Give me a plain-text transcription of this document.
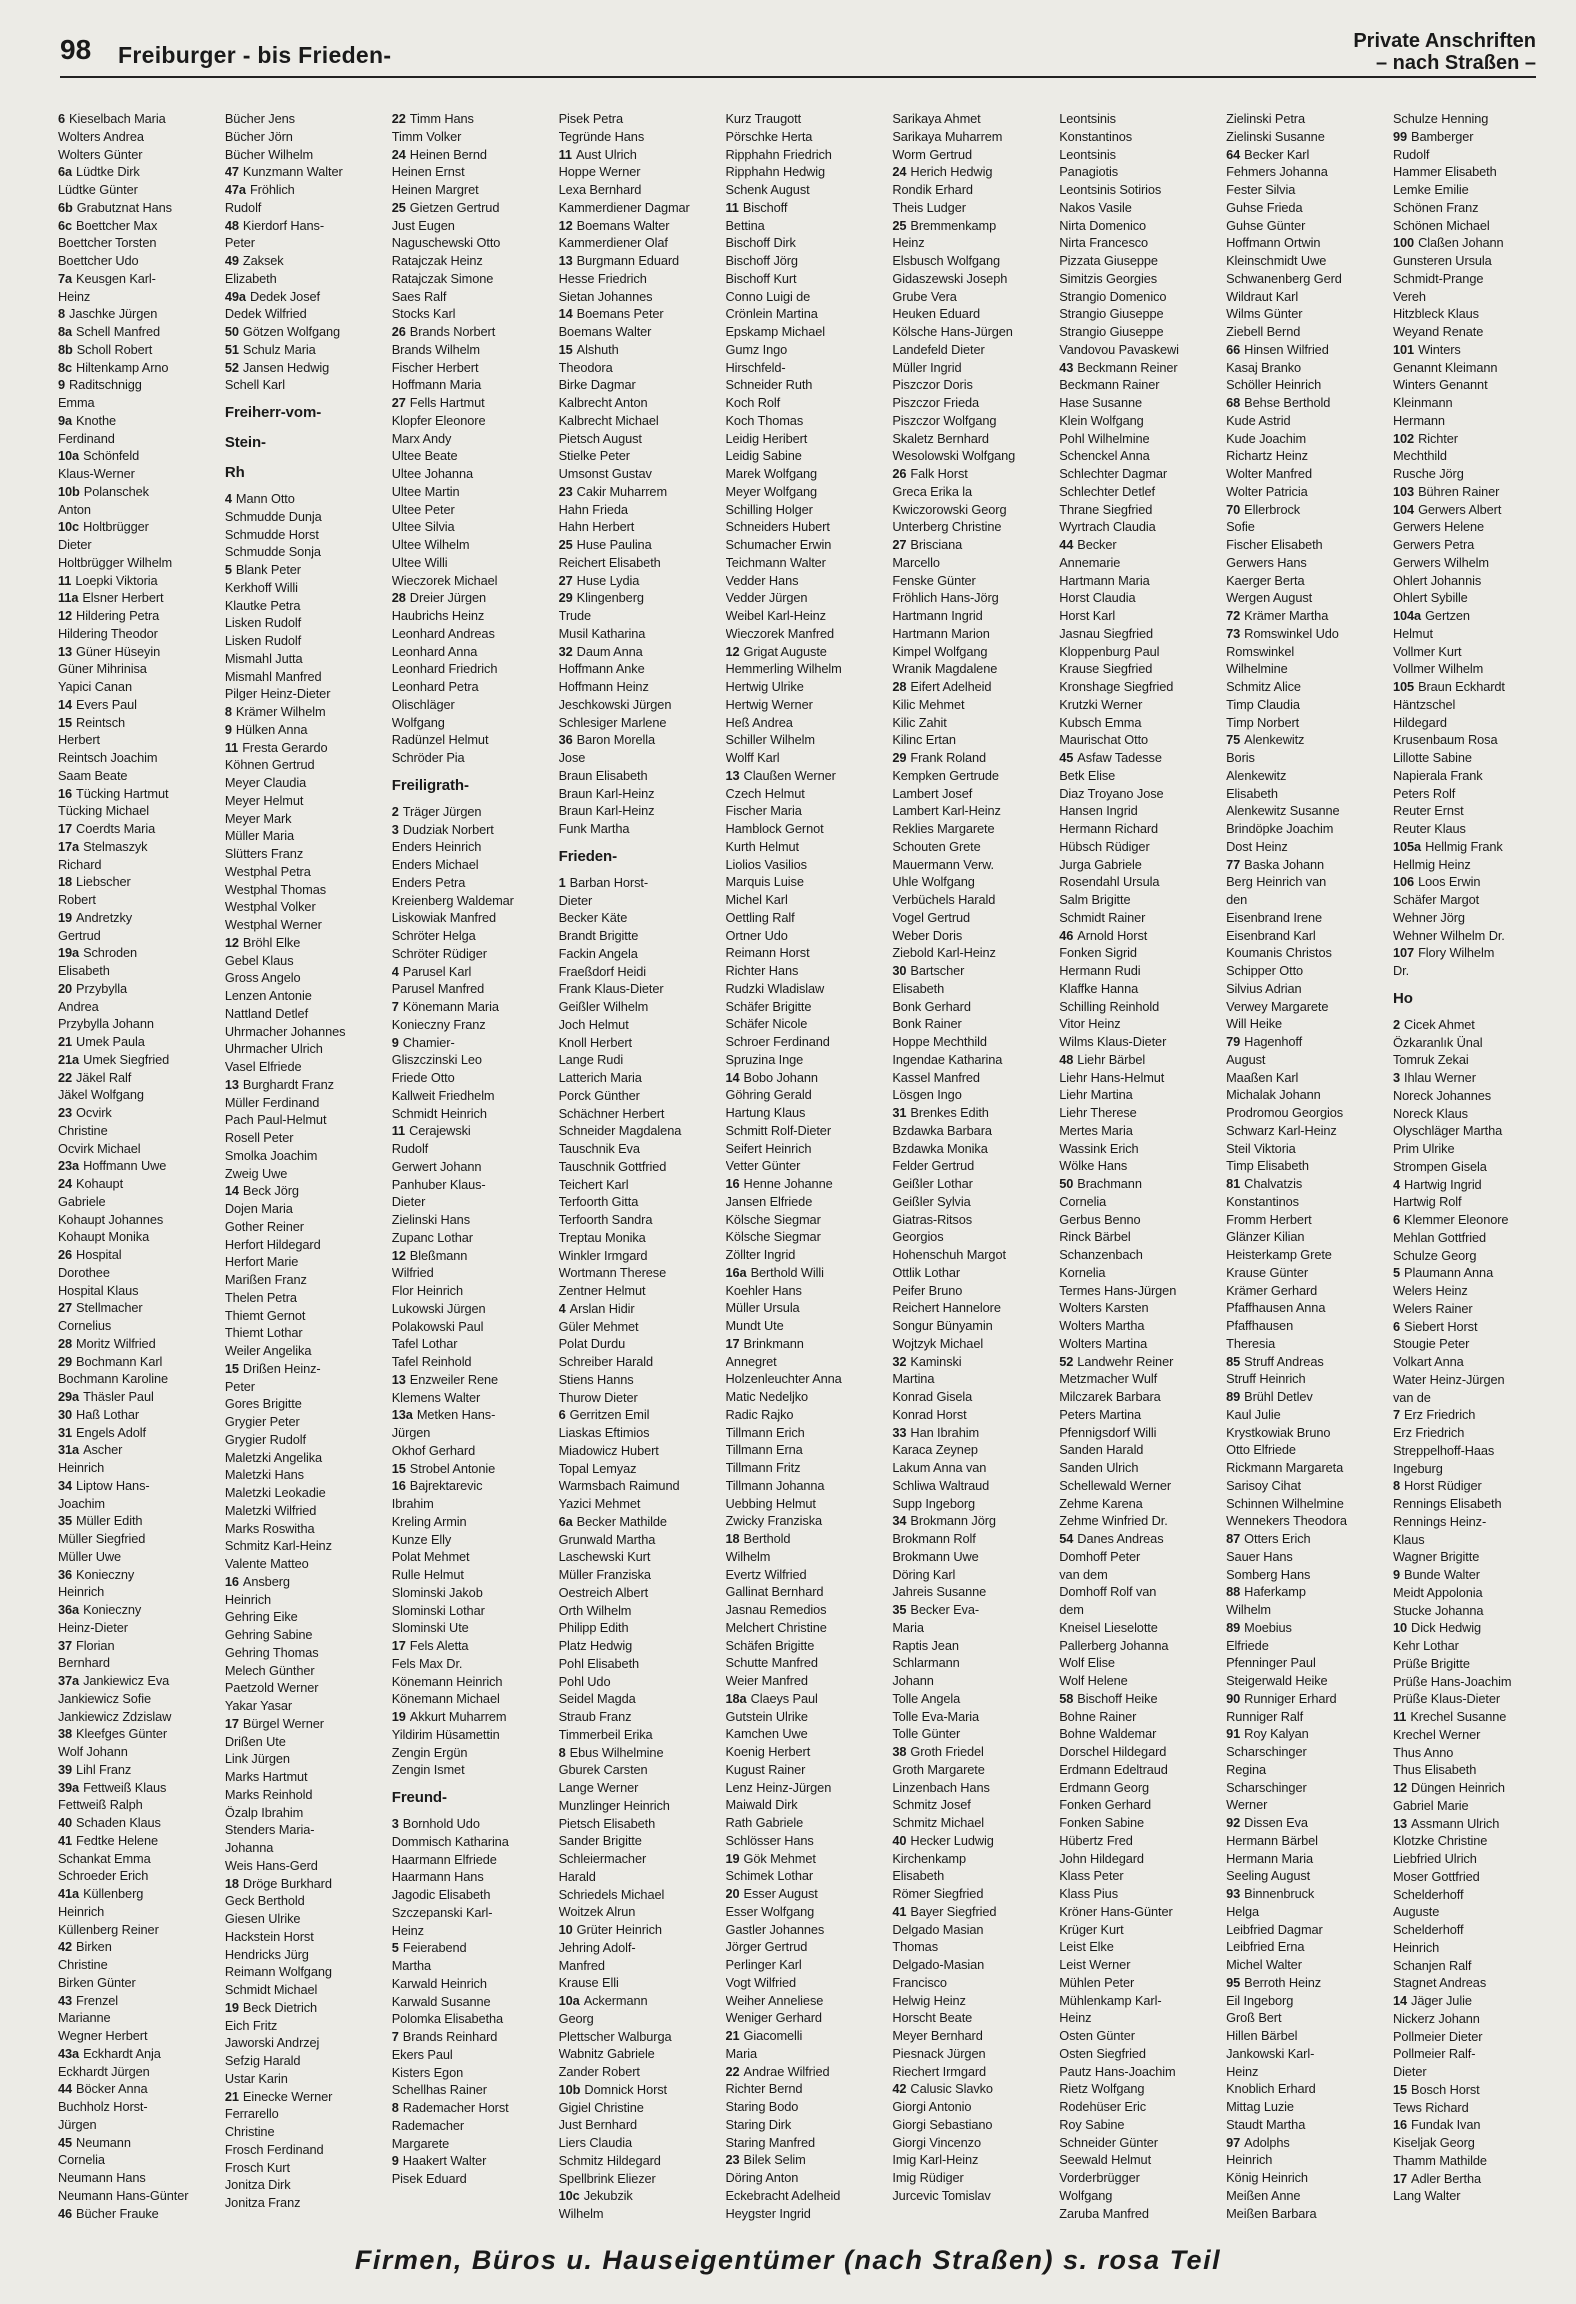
98 Freiburger - bis Frieden-
Private Anschriften
– nach Straßen –
6 Kieselbach Maria
Wolters Andrea
Wolters Günter
6a Lüdtke Dirk
Lüdtke Günter
6b Grabutznat Hans
6c Boettcher Max
Boettcher Torsten
Boettcher Udo
7a Keusgen Karl-
Heinz
8 Jaschke Jürgen
8a Schell Manfred
8b Scholl Robert
8c Hiltenkamp Arno
9 Raditschnigg
Emma
9a Knothe
Ferdinand
10a Schönfeld
Klaus-Werner
10b Polanschek
Anton
10c Holtbrügger
Dieter
Holtbrügger Wilhelm
11 Loepki Viktoria
11a Elsner Herbert
12 Hildering Petra
Hildering Theodor
13 Güner Hüseyin
Güner Mihrinisa
Yapici Canan
14 Evers Paul
15 Reintsch
Herbert
Reintsch Joachim
Saam Beate
16 Tücking Hartmut
Tücking Michael
17 Coerdts Maria
17a Stelmaszyk
Richard
18 Liebscher
Robert
19 Andretzky
Gertrud
19a Schroden
Elisabeth
20 Przybylla
Andrea
Przybylla Johann
21 Umek Paula
21a Umek Siegfried
22 Jäkel Ralf
Jäkel Wolfgang
23 Ocvirk
Christine
Ocvirk Michael
23a Hoffmann Uwe
24 Kohaupt
Gabriele
Kohaupt Johannes
Kohaupt Monika
26 Hospital
Dorothee
Hospital Klaus
27 Stellmacher
Cornelius
28 Moritz Wilfried
29 Bochmann Karl
Bochmann Karoline
29a Thäsler Paul
30 Haß Lothar
31 Engels Adolf
31a Ascher
Heinrich
34 Liptow Hans-
Joachim
35 Müller Edith
Müller Siegfried
Müller Uwe
36 Konieczny
Heinrich
36a Konieczny
Heinz-Dieter
37 Florian
Bernhard
37a Jankiewicz Eva
Jankiewicz Sofie
Jankiewicz Zdzislaw
38 Kleefges Günter
Wolf Johann
39 Lihl Franz
39a Fettweiß Klaus
Fettweiß Ralph
40 Schaden Klaus
41 Fedtke Helene
Schankat Emma
Schroeder Erich
41a Küllenberg
Heinrich
Küllenberg Reiner
42 Birken
Christine
Birken Günter
43 Frenzel
Marianne
Wegner Herbert
43a Eckhardt Anja
Eckhardt Jürgen
44 Böcker Anna
Buchholz Horst-
Jürgen
45 Neumann
Cornelia
Neumann Hans
Neumann Hans-Günter
46 Bücher Frauke
Bücher Jens
Bücher Jörn
Bücher Wilhelm
47 Kunzmann Walter
47a Fröhlich
Rudolf
48 Kierdorf Hans-
Peter
49 Zaksek
Elizabeth
49a Dedek Josef
Dedek Wilfried
50 Götzen Wolfgang
51 Schulz Maria
52 Jansen Hedwig
Schell Karl
Freiherr-vom-
Stein-
Rh
4 Mann Otto
Schmudde Dunja
Schmudde Horst
Schmudde Sonja
5 Blank Peter
Kerkhoff Willi
Klautke Petra
Lisken Rudolf
Lisken Rudolf
Mismahl Jutta
Mismahl Manfred
Pilger Heinz-Dieter
8 Krämer Wilhelm
9 Hülken Anna
11 Fresta Gerardo
Köhnen Gertrud
Meyer Claudia
Meyer Helmut
Meyer Mark
Müller Maria
Slütters Franz
Westphal Petra
Westphal Thomas
Westphal Volker
Westphal Werner
12 Bröhl Elke
Gebel Klaus
Gross Angelo
Lenzen Antonie
Nattland Detlef
Uhrmacher Johannes
Uhrmacher Ulrich
Vasel Elfriede
13 Burghardt Franz
Müller Ferdinand
Pach Paul-Helmut
Rosell Peter
Smolka Joachim
Zweig Uwe
14 Beck Jörg
Dojen Maria
Gother Reiner
Herfort Hildegard
Herfort Marie
Marißen Franz
Thelen Petra
Thiemt Gernot
Thiemt Lothar
Weiler Angelika
15 Drißen Heinz-
Peter
Gores Brigitte
Grygier Peter
Grygier Rudolf
Maletzki Angelika
Maletzki Hans
Maletzki Leokadie
Maletzki Wilfried
Marks Roswitha
Schmitz Karl-Heinz
Valente Matteo
16 Ansberg
Heinrich
Gehring Eike
Gehring Sabine
Gehring Thomas
Melech Günther
Paetzold Werner
Yakar Yasar
17 Bürgel Werner
Drißen Ute
Link Jürgen
Marks Hartmut
Marks Reinhold
Özalp Ibrahim
Stenders Maria-
Johanna
Weis Hans-Gerd
18 Dröge Burkhard
Geck Berthold
Giesen Ulrike
Hackstein Horst
Hendricks Jürg
Reimann Wolfgang
Schmidt Michael
19 Beck Dietrich
Eich Fritz
Jaworski Andrzej
Sefzig Harald
Ustar Karin
21 Einecke Werner
Ferrarello
Christine
Frosch Ferdinand
Frosch Kurt
Jonitza Dirk
Jonitza Franz
22 Timm Hans
Timm Volker
24 Heinen Bernd
Heinen Ernst
Heinen Margret
25 Gietzen Gertrud
Just Eugen
Naguschewski Otto
Ratajczak Heinz
Ratajczak Simone
Saes Ralf
Stocks Karl
26 Brands Norbert
Brands Wilhelm
Fischer Herbert
Hoffmann Maria
27 Fells Hartmut
Klopfer Eleonore
Marx Andy
Ultee Beate
Ultee Johanna
Ultee Martin
Ultee Peter
Ultee Silvia
Ultee Wilhelm
Ultee Willi
Wieczorek Michael
28 Dreier Jürgen
Haubrichs Heinz
Leonhard Andreas
Leonhard Anna
Leonhard Friedrich
Leonhard Petra
Olischläger
Wolfgang
Radünzel Helmut
Schröder Pia
Freiligrath-
2 Träger Jürgen
3 Dudziak Norbert
Enders Heinrich
Enders Michael
Enders Petra
Kreienberg Waldemar
Liskowiak Manfred
Schröter Helga
Schröter Rüdiger
4 Parusel Karl
Parusel Manfred
7 Könemann Maria
Konieczny Franz
9 Chamier-
Gliszczinski Leo
Friede Otto
Kallweit Friedhelm
Schmidt Heinrich
11 Cerajewski
Rudolf
Gerwert Johann
Panhuber Klaus-
Dieter
Zielinski Hans
Zupanc Lothar
12 Bleßmann
Wilfried
Flor Heinrich
Lukowski Jürgen
Polakowski Paul
Tafel Lothar
Tafel Reinhold
13 Enzweiler Rene
Klemens Walter
13a Metken Hans-
Jürgen
Okhof Gerhard
15 Strobel Antonie
16 Bajrektarevic
Ibrahim
Kreling Armin
Kunze Elly
Polat Mehmet
Rulle Helmut
Slominski Jakob
Slominski Lothar
Slominski Ute
17 Fels Aletta
Fels Max Dr.
Könemann Heinrich
Könemann Michael
19 Akkurt Muharrem
Yildirim Hüsamettin
Zengin Ergün
Zengin Ismet
Freund-
3 Bornhold Udo
Dommisch Katharina
Haarmann Elfriede
Haarmann Hans
Jagodic Elisabeth
Szczepanski Karl-
Heinz
5 Feierabend
Martha
Karwald Heinrich
Karwald Susanne
Polomka Elisabetha
7 Brands Reinhard
Ekers Paul
Kisters Egon
Schellhas Rainer
8 Rademacher Horst
Rademacher
Margarete
9 Haakert Walter
Pisek Eduard
Pisek Petra
Tegründe Hans
11 Aust Ulrich
Hoppe Werner
Lexa Bernhard
Kammerdiener Dagmar
12 Boemans Walter
Kammerdiener Olaf
13 Burgmann Eduard
Hesse Friedrich
Sietan Johannes
14 Boemans Peter
Boemans Walter
15 Alshuth
Theodora
Birke Dagmar
Kalbrecht Anton
Kalbrecht Michael
Pietsch August
Stielke Peter
Umsonst Gustav
23 Cakir Muharrem
Hahn Frieda
Hahn Herbert
25 Huse Paulina
Reichert Elisabeth
27 Huse Lydia
29 Klingenberg
Trude
Musil Katharina
32 Daum Anna
Hoffmann Anke
Hoffmann Heinz
Jeschkowski Jürgen
Schlesiger Marlene
36 Baron Morella
Jose
Braun Elisabeth
Braun Karl-Heinz
Braun Karl-Heinz
Funk Martha
Frieden-
1 Barban Horst-
Dieter
Becker Käte
Brandt Brigitte
Fackin Angela
Fraeßdorf Heidi
Frank Klaus-Dieter
Geißler Wilhelm
Joch Helmut
Knoll Herbert
Lange Rudi
Latterich Maria
Porck Günther
Schächner Herbert
Schneider Magdalena
Tauschnik Eva
Tauschnik Gottfried
Teichert Karl
Terfoorth Gitta
Terfoorth Sandra
Treptau Monika
Winkler Irmgard
Wortmann Therese
Zentner Helmut
4 Arslan Hidir
Güler Mehmet
Polat Durdu
Schreiber Harald
Stiens Hanns
Thurow Dieter
6 Gerritzen Emil
Liaskas Eftimios
Miadowicz Hubert
Topal Lemyaz
Warmsbach Raimund
Yazici Mehmet
6a Becker Mathilde
Grunwald Martha
Laschewski Kurt
Müller Franziska
Oestreich Albert
Orth Wilhelm
Philipp Edith
Platz Hedwig
Pohl Elisabeth
Pohl Udo
Seidel Magda
Straub Franz
Timmerbeil Erika
8 Ebus Wilhelmine
Gburek Carsten
Lange Werner
Munzlinger Heinrich
Pietsch Elisabeth
Sander Brigitte
Schleiermacher
Harald
Schriedels Michael
Woitzek Alrun
10 Grüter Heinrich
Jehring Adolf-
Manfred
Krause Elli
10a Ackermann
Georg
Plettscher Walburga
Wabnitz Gabriele
Zander Robert
10b Domnick Horst
Gigiel Christine
Just Bernhard
Liers Claudia
Schmitz Hildegard
Spellbrink Eliezer
10c Jekubzik
Wilhelm
Kurz Traugott
Pörschke Herta
Ripphahn Friedrich
Ripphahn Hedwig
Schenk August
11 Bischoff
Bettina
Bischoff Dirk
Bischoff Jörg
Bischoff Kurt
Conno Luigi de
Crönlein Martina
Epskamp Michael
Gumz Ingo
Hirschfeld-
Schneider Ruth
Koch Rolf
Koch Thomas
Leidig Heribert
Leidig Sabine
Marek Wolfgang
Meyer Wolfgang
Schilling Holger
Schneiders Hubert
Schumacher Erwin
Teichmann Walter
Vedder Hans
Vedder Jürgen
Weibel Karl-Heinz
Wieczorek Manfred
12 Grigat Auguste
Hemmerling Wilhelm
Hertwig Ulrike
Hertwig Werner
Heß Andrea
Schiller Wilhelm
Wolff Karl
13 Claußen Werner
Czech Helmut
Fischer Maria
Hamblock Gernot
Kurth Helmut
Liolios Vasilios
Marquis Luise
Michel Karl
Oettling Ralf
Ortner Udo
Reimann Horst
Richter Hans
Rudzki Wladislaw
Schäfer Brigitte
Schäfer Nicole
Schroer Ferdinand
Spruzina Inge
14 Bobo Johann
Göhring Gerald
Hartung Klaus
Schmitt Rolf-Dieter
Seifert Heinrich
Vetter Günter
16 Henne Johanne
Jansen Elfriede
Kölsche Siegmar
Kölsche Siegmar
Zöllter Ingrid
16a Berthold Willi
Koehler Hans
Müller Ursula
Mundt Ute
17 Brinkmann
Annegret
Holzenleuchter Anna
Matic Nedeljko
Radic Rajko
Tillmann Erich
Tillmann Erna
Tillmann Fritz
Tillmann Johanna
Uebbing Helmut
Zwicky Franziska
18 Berthold
Wilhelm
Evertz Wilfried
Gallinat Bernhard
Jasnau Remedios
Melchert Christine
Schäfen Brigitte
Schutte Manfred
Weier Manfred
18a Claeys Paul
Gutstein Ulrike
Kamchen Uwe
Koenig Herbert
Kugust Rainer
Lenz Heinz-Jürgen
Maiwald Dirk
Rath Gabriele
Schlösser Hans
19 Gök Mehmet
Schimek Lothar
20 Esser August
Esser Wolfgang
Gastler Johannes
Jörger Gertrud
Perlinger Karl
Vogt Wilfried
Weiher Anneliese
Weniger Gerhard
21 Giacomelli
Maria
22 Andrae Wilfried
Richter Bernd
Staring Bodo
Staring Dirk
Staring Manfred
23 Bilek Selim
Döring Anton
Eckebracht Adelheid
Heygster Ingrid
Sarikaya Ahmet
Sarikaya Muharrem
Worm Gertrud
24 Herich Hedwig
Rondik Erhard
Theis Ludger
25 Bremmenkamp
Heinz
Elsbusch Wolfgang
Gidaszewski Joseph
Grube Vera
Heuken Eduard
Kölsche Hans-Jürgen
Landefeld Dieter
Müller Ingrid
Piszczor Doris
Piszczor Frieda
Piszczor Wolfgang
Skaletz Bernhard
Wesolowski Wolfgang
26 Falk Horst
Greca Erika la
Kwiczorowski Georg
Unterberg Christine
27 Brisciana
Marcello
Fenske Günter
Fröhlich Hans-Jörg
Hartmann Ingrid
Hartmann Marion
Kimpel Wolfgang
Wranik Magdalene
28 Eifert Adelheid
Kilic Mehmet
Kilic Zahit
Kilinc Ertan
29 Frank Roland
Kempken Gertrude
Lambert Josef
Lambert Karl-Heinz
Reklies Margarete
Schouten Grete
Mauermann Verw.
Uhle Wolfgang
Verbüchels Harald
Vogel Gertrud
Weber Doris
Ziebold Karl-Heinz
30 Bartscher
Elisabeth
Bonk Gerhard
Bonk Rainer
Hoppe Mechthild
Ingendae Katharina
Kassel Manfred
Lösgen Ingo
31 Brenkes Edith
Bzdawka Barbara
Bzdawka Monika
Felder Gertrud
Geißler Lothar
Geißler Sylvia
Giatras-Ritsos
Georgios
Hohenschuh Margot
Ottlik Lothar
Peifer Bruno
Reichert Hannelore
Songur Bünyamin
Wojtzyk Michael
32 Kaminski
Martina
Konrad Gisela
Konrad Horst
33 Han Ibrahim
Karaca Zeynep
Lakum Anna van
Schliwa Waltraud
Supp Ingeborg
34 Brokmann Jörg
Brokmann Rolf
Brokmann Uwe
Döring Karl
Jahreis Susanne
35 Becker Eva-
Maria
Raptis Jean
Schlarmann
Johann
Tolle Angela
Tolle Eva-Maria
Tolle Günter
38 Groth Friedel
Groth Margarete
Linzenbach Hans
Schmitz Josef
Schmitz Michael
40 Hecker Ludwig
Kirchenkamp
Elisabeth
Römer Siegfried
41 Bayer Siegfried
Delgado Masian
Thomas
Delgado-Masian
Francisco
Helwig Heinz
Horscht Beate
Meyer Bernhard
Piesnack Jürgen
Riechert Irmgard
42 Calusic Slavko
Giorgi Antonio
Giorgi Sebastiano
Giorgi Vincenzo
Imig Karl-Heinz
Imig Rüdiger
Jurcevic Tomislav
Leontsinis
Konstantinos
Leontsinis
Panagiotis
Leontsinis Sotirios
Nakos Vasile
Nirta Domenico
Nirta Francesco
Pizzata Giuseppe
Simitzis Georgies
Strangio Domenico
Strangio Giuseppe
Strangio Giuseppe
Vandovou Pavaskewi
43 Beckmann Reiner
Beckmann Rainer
Hase Susanne
Klein Wolfgang
Pohl Wilhelmine
Schenckel Anna
Schlechter Dagmar
Schlechter Detlef
Thrane Siegfried
Wyrtrach Claudia
44 Becker
Annemarie
Hartmann Maria
Horst Claudia
Horst Karl
Jasnau Siegfried
Kloppenburg Paul
Krause Siegfried
Kronshage Siegfried
Krutzki Werner
Kubsch Emma
Maurischat Otto
45 Asfaw Tadesse
Betk Elise
Diaz Troyano Jose
Hansen Ingrid
Hermann Richard
Hübsch Rüdiger
Jurga Gabriele
Rosendahl Ursula
Salm Brigitte
Schmidt Rainer
46 Arnold Horst
Fonken Sigrid
Hermann Rudi
Klaffke Hanna
Schilling Reinhold
Vitor Heinz
Wilms Klaus-Dieter
48 Liehr Bärbel
Liehr Hans-Helmut
Liehr Martina
Liehr Therese
Mertes Maria
Wassink Erich
Wölke Hans
50 Brachmann
Cornelia
Gerbus Benno
Rinck Bärbel
Schanzenbach
Kornelia
Termes Hans-Jürgen
Wolters Karsten
Wolters Martha
Wolters Martina
52 Landwehr Reiner
Metzmacher Wulf
Milczarek Barbara
Peters Martina
Pfennigsdorf Willi
Sanden Harald
Sanden Ulrich
Schellewald Werner
Zehme Karena
Zehme Winfried Dr.
54 Danes Andreas
Domhoff Peter
van dem
Domhoff Rolf van
dem
Kneisel Lieselotte
Pallerberg Johanna
Wolf Elise
Wolf Helene
58 Bischoff Heike
Bohne Rainer
Bohne Waldemar
Dorschel Hildegard
Erdmann Edeltraud
Erdmann Georg
Fonken Gerhard
Fonken Sabine
Hübertz Fred
John Hildegard
Klass Peter
Klass Pius
Kröner Hans-Günter
Krüger Kurt
Leist Elke
Leist Werner
Mühlen Peter
Mühlenkamp Karl-
Heinz
Osten Günter
Osten Siegfried
Pautz Hans-Joachim
Rietz Wolfgang
Rodehüser Eric
Roy Sabine
Schneider Günter
Seewald Helmut
Vorderbrügger
Wolfgang
Zaruba Manfred
Zielinski Petra
Zielinski Susanne
64 Becker Karl
Fehmers Johanna
Fester Silvia
Guhse Frieda
Guhse Günter
Hoffmann Ortwin
Kleinschmidt Uwe
Schwanenberg Gerd
Wildraut Karl
Wilms Günter
Ziebell Bernd
66 Hinsen Wilfried
Kasaj Branko
Schöller Heinrich
68 Behse Berthold
Kude Astrid
Kude Joachim
Richartz Heinz
Wolter Manfred
Wolter Patricia
70 Ellerbrock
Sofie
Fischer Elisabeth
Gerwers Hans
Kaerger Berta
Wergen August
72 Krämer Martha
73 Romswinkel Udo
Romswinkel
Wilhelmine
Schmitz Alice
Timp Claudia
Timp Norbert
75 Alenkewitz
Boris
Alenkewitz
Elisabeth
Alenkewitz Susanne
Brindöpke Joachim
Dost Heinz
77 Baska Johann
Berg Heinrich van
den
Eisenbrand Irene
Eisenbrand Karl
Koumanis Christos
Schipper Otto
Silvius Adrian
Verwey Margarete
Will Heike
79 Hagenhoff
August
Maaßen Karl
Michalak Johann
Prodromou Georgios
Schwarz Karl-Heinz
Steil Viktoria
Timp Elisabeth
81 Chalvatzis
Konstantinos
Fromm Herbert
Glänzer Kilian
Heisterkamp Grete
Krause Günter
Krämer Gerhard
Pfaffhausen Anna
Pfaffhausen
Theresia
85 Struff Andreas
Struff Heinrich
89 Brühl Detlev
Kaul Julie
Krystkowiak Bruno
Otto Elfriede
Rickmann Margareta
Sarisoy Cihat
Schinnen Wilhelmine
Wennekers Theodora
87 Otters Erich
Sauer Hans
Somberg Hans
88 Haferkamp
Wilhelm
89 Moebius
Elfriede
Pfenninger Paul
Steigerwald Heike
90 Runniger Erhard
Runniger Ralf
91 Roy Kalyan
Scharschinger
Regina
Scharschinger
Werner
92 Dissen Eva
Hermann Bärbel
Hermann Maria
Seeling August
93 Binnenbruck
Helga
Leibfried Dagmar
Leibfried Erna
Michel Walter
95 Berroth Heinz
Eil Ingeborg
Groß Bert
Hillen Bärbel
Jankowski Karl-
Heinz
Knoblich Erhard
Mittag Luzie
Staudt Martha
97 Adolphs
Heinrich
König Heinrich
Meißen Anne
Meißen Barbara
Schulze Henning
99 Bamberger
Rudolf
Hammer Elisabeth
Lemke Emilie
Schönen Franz
Schönen Michael
100 Claßen Johann
Gunsteren Ursula
Schmidt-Prange
Vereh
Hitzbleck Klaus
Weyand Renate
101 Winters
Genannt Kleimann
Winters Genannt
Kleinmann
Hermann
102 Richter
Mechthild
Rusche Jörg
103 Bühren Rainer
104 Gerwers Albert
Gerwers Helene
Gerwers Petra
Gerwers Wilhelm
Ohlert Johannis
Ohlert Sybille
104a Gertzen
Helmut
Vollmer Kurt
Vollmer Wilhelm
105 Braun Eckhardt
Häntzschel
Hildegard
Krusenbaum Rosa
Lillotte Sabine
Napierala Frank
Peters Rolf
Reuter Ernst
Reuter Klaus
105a Hellmig Frank
Hellmig Heinz
106 Loos Erwin
Schäfer Margot
Wehner Jörg
Wehner Wilhelm Dr.
107 Flory Wilhelm
Dr.
Ho
2 Cicek Ahmet
Özkaranlık Ünal
Tomruk Zekai
3 Ihlau Werner
Noreck Johannes
Noreck Klaus
Olyschläger Martha
Prim Ulrike
Strompen Gisela
4 Hartwig Ingrid
Hartwig Rolf
6 Klemmer Eleonore
Mehlan Gottfried
Schulze Georg
5 Plaumann Anna
Welers Heinz
Welers Rainer
6 Siebert Horst
Stougie Peter
Volkart Anna
Water Heinz-Jürgen
van de
7 Erz Friedrich
Erz Friedrich
Streppelhoff-Haas
Ingeburg
8 Horst Rüdiger
Rennings Elisabeth
Rennings Heinz-
Klaus
Wagner Brigitte
9 Bunde Walter
Meidt Appolonia
Stucke Johanna
10 Dick Hedwig
Kehr Lothar
Prüße Brigitte
Prüße Hans-Joachim
Prüße Klaus-Dieter
11 Krechel Susanne
Krechel Werner
Thus Anno
Thus Elisabeth
12 Düngen Heinrich
Gabriel Marie
13 Assmann Ulrich
Klotzke Christine
Liebfried Ulrich
Moser Gottfried
Schelderhoff
Auguste
Schelderhoff
Heinrich
Schanjen Ralf
Stagnet Andreas
14 Jäger Julie
Nickerz Johann
Pollmeier Dieter
Pollmeier Ralf-
Dieter
15 Bosch Horst
Tews Richard
16 Fundak Ivan
Kiseljak Georg
Thamm Mathilde
17 Adler Bertha
Lang Walter
Firmen, Büros u. Hauseigentümer (nach Straßen) s. rosa Teil
